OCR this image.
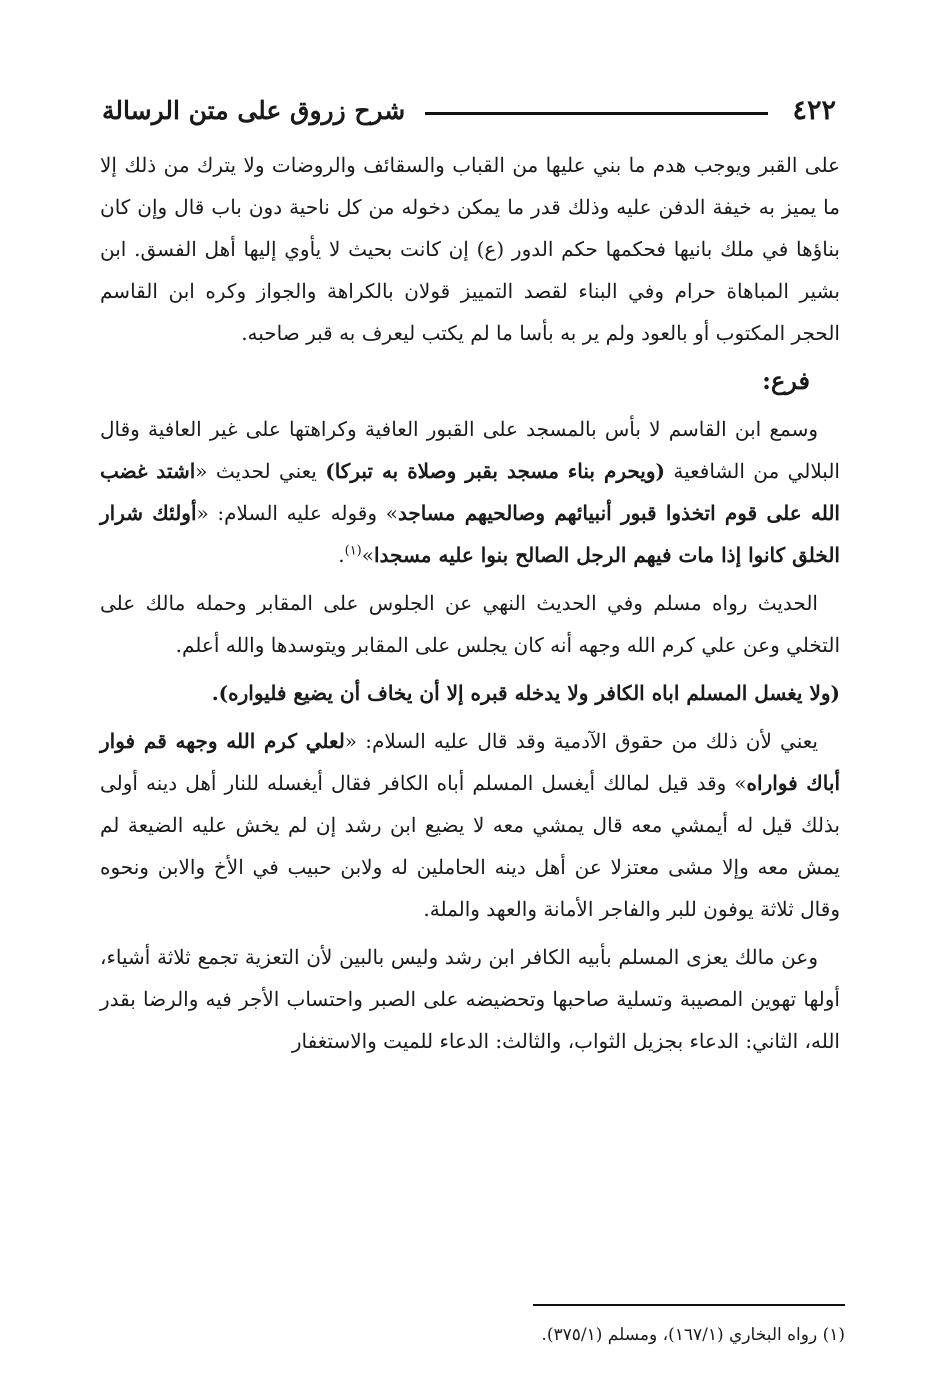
٤٢٢
شرح زروق على متن الرسالة

على القبر ويوجب هدم ما بني عليها من القباب والسقائف والروضات ولا يترك من ذلك إلا ما يميز به خيفة الدفن عليه وذلك قدر ما يمكن دخوله من كل ناحية دون باب قال وإن كان بناؤها في ملك بانيها فحكمها حكم الدور (ع) إن كانت بحيث لا يأوي إليها أهل الفسق. ابن بشير المباهاة حرام وفي البناء لقصد التمييز قولان بالكراهة والجواز وكره ابن القاسم الحجر المكتوب أو بالعود ولم ير به بأسا ما لم يكتب ليعرف به قبر صاحبه.

فرع:

وسمع ابن القاسم لا بأس بالمسجد على القبور العافية وكراهتها على غير العافية وقال البلالي من الشافعية (ويحرم بناء مسجد بقبر وصلاة به تبركا) يعني لحديث «اشتد غضب الله على قوم اتخذوا قبور أنبيائهم وصالحيهم مساجد» وقوله عليه السلام: «أولئك شرار الخلق كانوا إذا مات فيهم الرجل الصالح بنوا عليه مسجدا»$^{(١)}$.

الحديث رواه مسلم وفي الحديث النهي عن الجلوس على المقابر وحمله مالك على التخلي وعن علي كرم الله وجهه أنه كان يجلس على المقابر ويتوسدها والله أعلم.

(ولا يغسل المسلم اباه الكافر ولا يدخله قبره إلا أن يخاف أن يضيع فليواره).

يعني لأن ذلك من حقوق الآدمية وقد قال عليه السلام: «لعلي كرم الله وجهه قم فوار أباك فواراه» وقد قيل لمالك أيغسل المسلم أباه الكافر فقال أيغسله للنار أهل دينه أولى بذلك قيل له أيمشي معه قال يمشي معه لا يضيع ابن رشد إن لم يخش عليه الضيعة لم يمش معه وإلا مشى معتزلا عن أهل دينه الحاملين له ولابن حبيب في الأخ والابن ونحوه وقال ثلاثة يوفون للبر والفاجر الأمانة والعهد والملة.

وعن مالك يعزى المسلم بأبيه الكافر ابن رشد وليس بالبين لأن التعزية تجمع ثلاثة أشياء، أولها تهوين المصيبة وتسلية صاحبها وتحضيضه على الصبر واحتساب الأجر فيه والرضا بقدر الله، الثاني: الدعاء بجزيل الثواب، والثالث: الدعاء للميت والاستغفار

(١) رواه البخاري (١٦٧/١)، ومسلم (٣٧٥/١).
